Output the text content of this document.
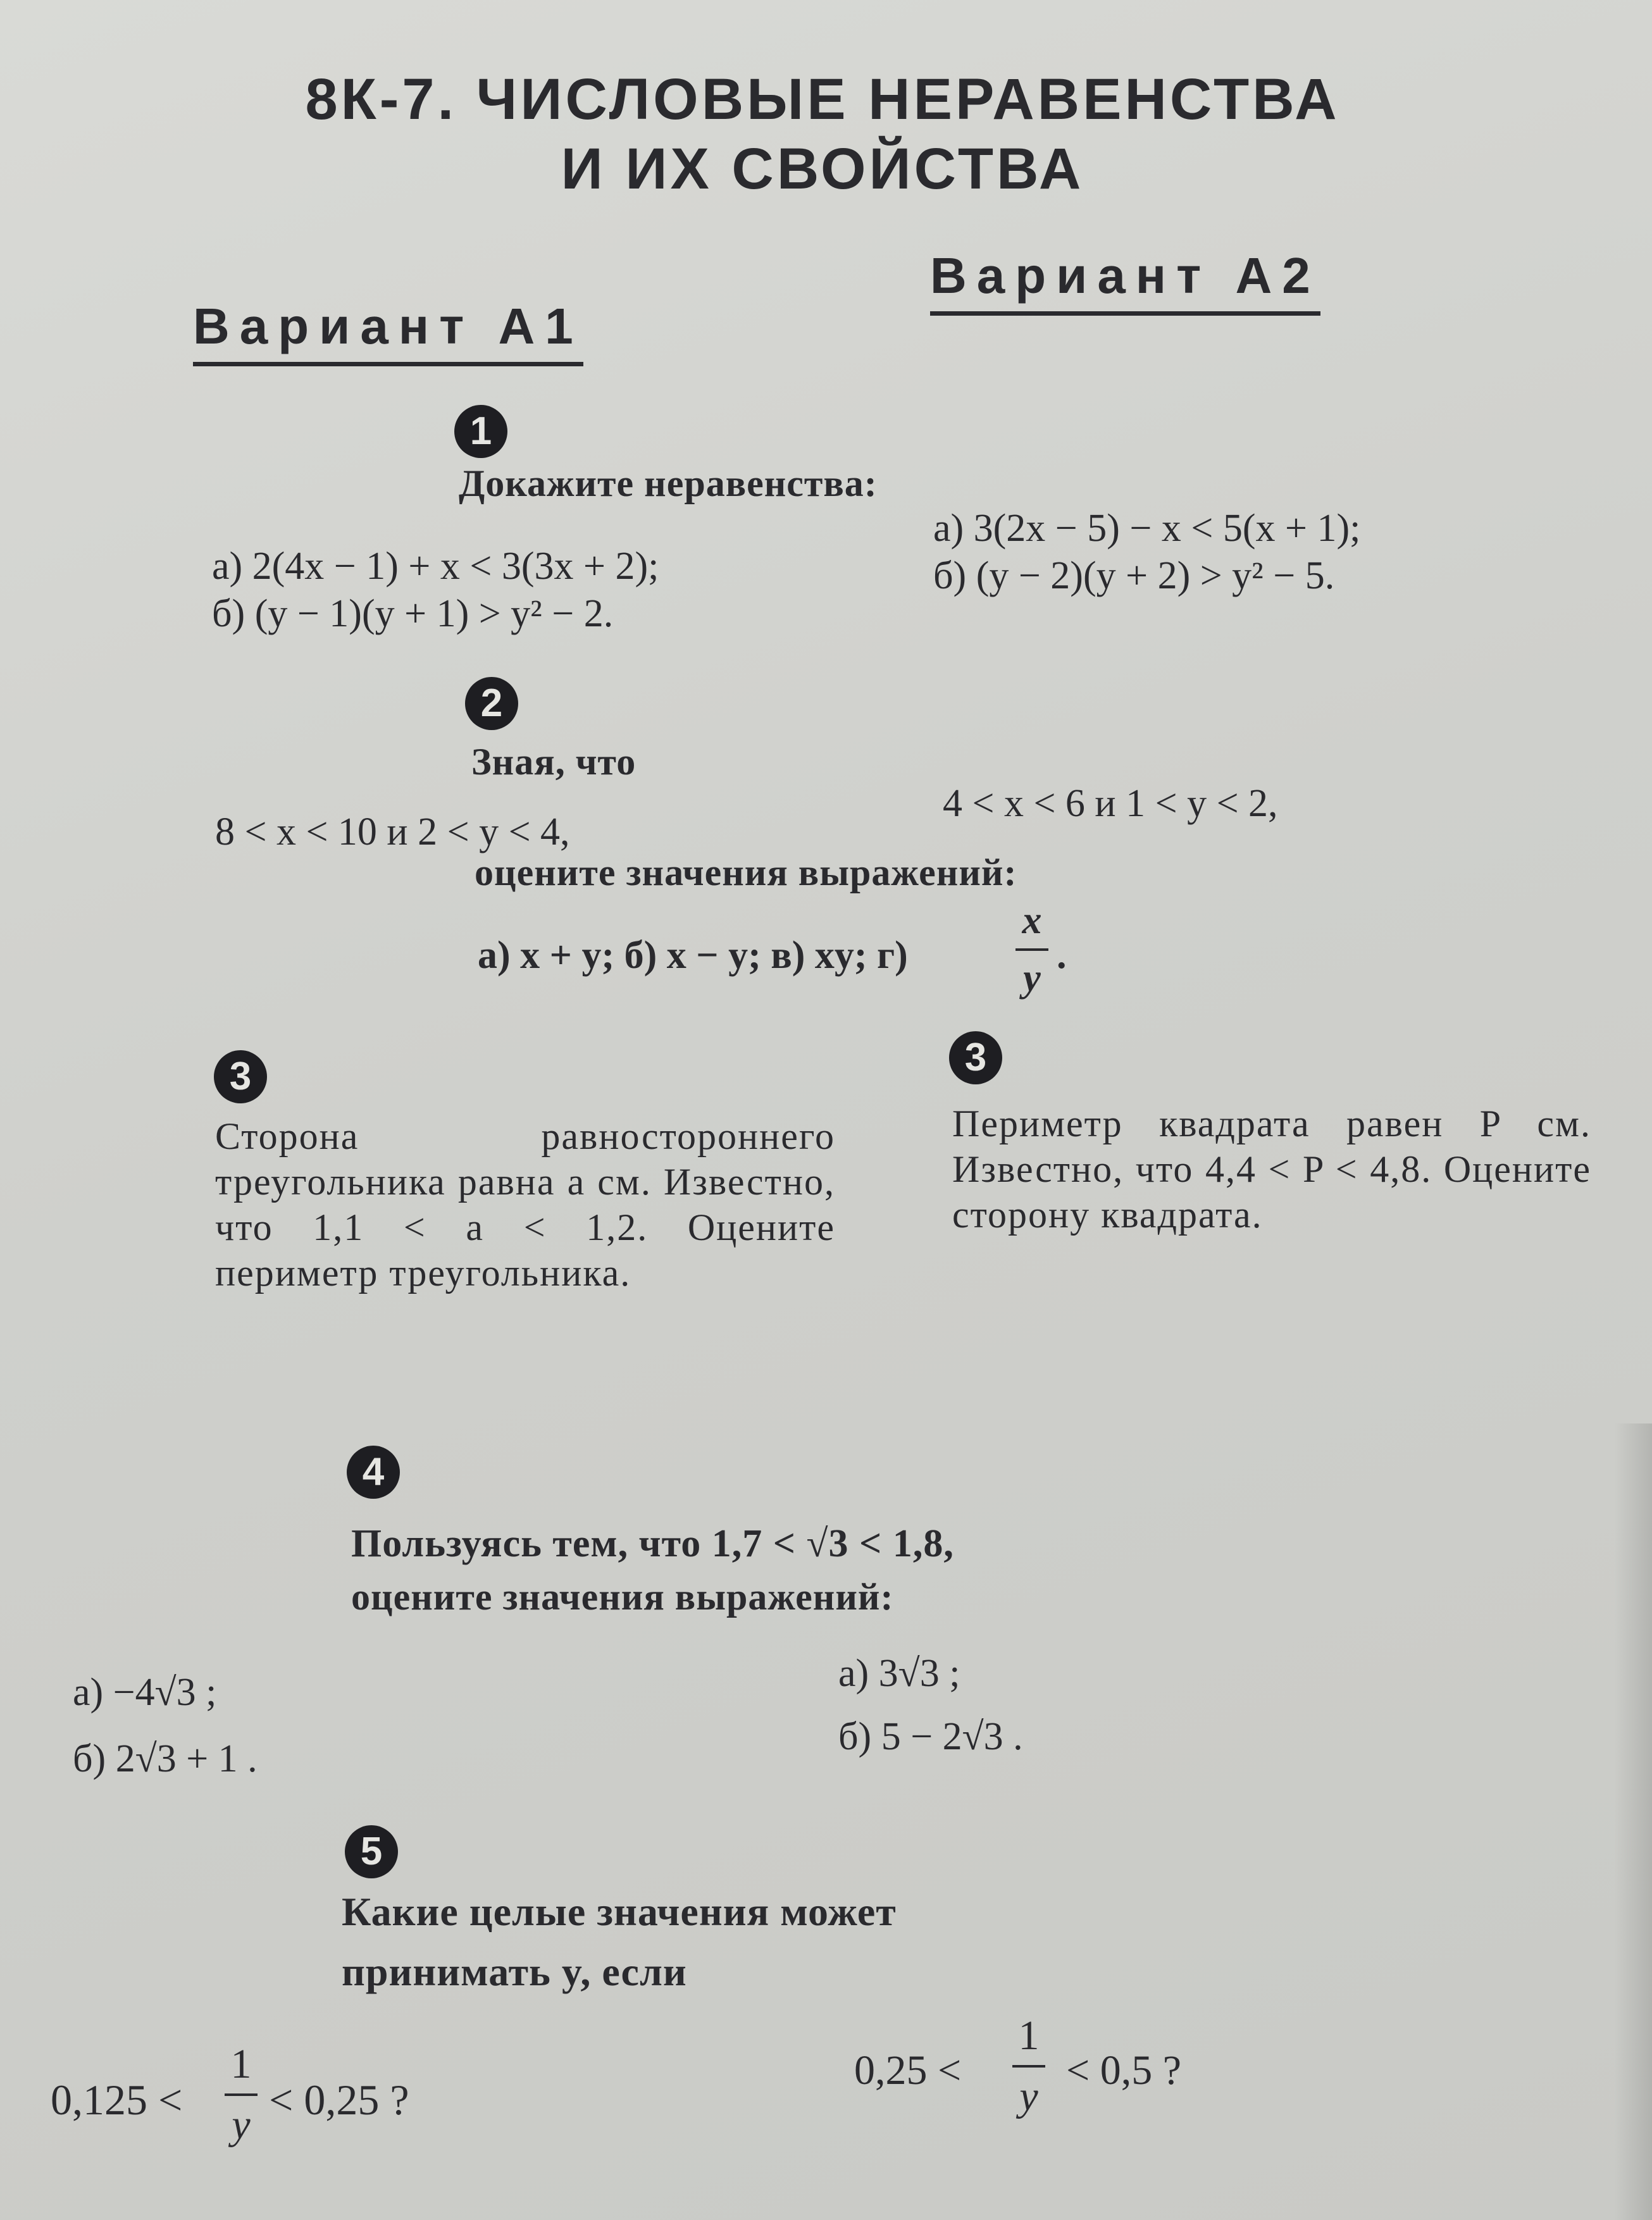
8К-7. ЧИСЛОВЫЕ НЕРАВЕНСТВА
И ИХ СВОЙСТВА
Вариант А1
Вариант А2
1
Докажите неравенства:
а) 2(4x − 1) + x < 3(3x + 2);
б) (y − 1)(y + 1) > y² − 2.
а) 3(2x − 5) − x < 5(x + 1);
б) (y − 2)(y + 2) > y² − 5.
2
Зная, что
8 < x < 10 и 2 < y < 4,
4 < x < 6 и 1 < y < 2,
оцените значения выражений:
а) x + y; б) x − y; в) xy; г)
x
y
.
3	3
Сторона равностороннего треугольника равна a см. Известно, что 1,1 < a < 1,2. Оцените периметр треугольника.
Периметр квадрата равен P см. Известно, что 4,4 < P < 4,8. Оцените сторону квадрата.
4
Пользуясь тем, что 1,7 < √3 < 1,8,
оцените значения выражений:
а) −4√3 ;
б) 2√3 + 1 .
а) 3√3 ;
б) 5 − 2√3 .
5
Какие целые значения может
принимать y, если
0,125 <
1
y
< 0,25 ?
0,25 <
1
y
< 0,5 ?
